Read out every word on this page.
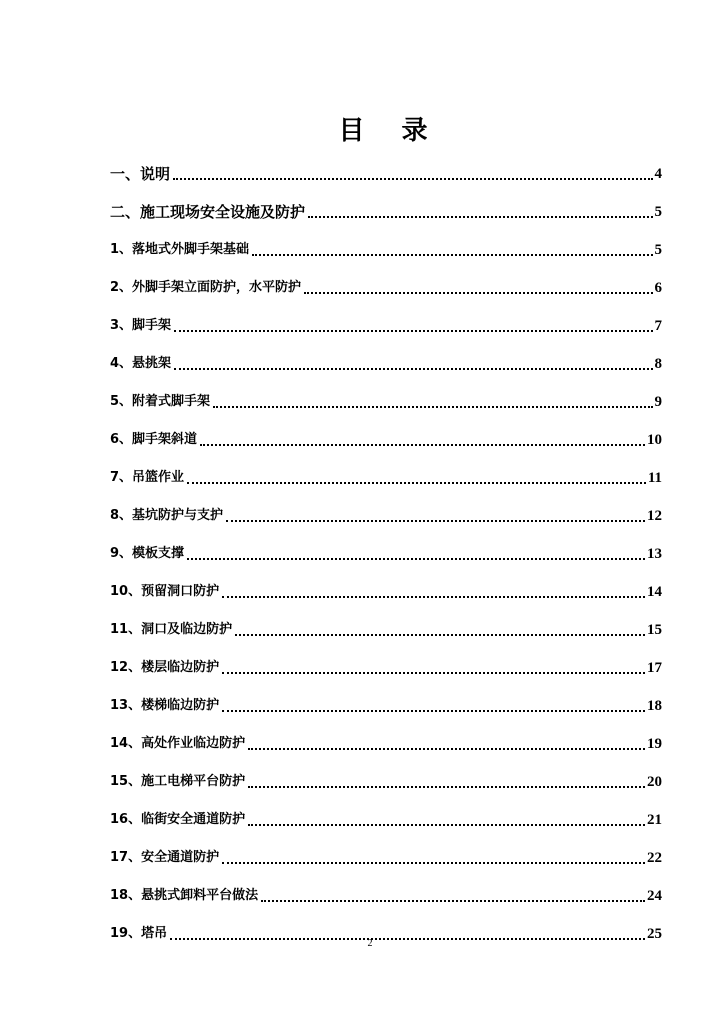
目 录
一、说明	4
二、施工现场安全设施及防护	5
1、落地式外脚手架基础	5
2、外脚手架立面防护，水平防护	6
3、脚手架	7
4、悬挑架	8
5、附着式脚手架	9
6、脚手架斜道	10
7、吊篮作业	11
8、基坑防护与支护	12
9、模板支撑	13
10、预留洞口防护	14
11、洞口及临边防护	15
12、楼层临边防护	17
13、楼梯临边防护	18
14、高处作业临边防护	19
15、施工电梯平台防护	20
16、临街安全通道防护	21
17、安全通道防护	22
18、悬挑式卸料平台做法	24
19、塔吊	25
2
